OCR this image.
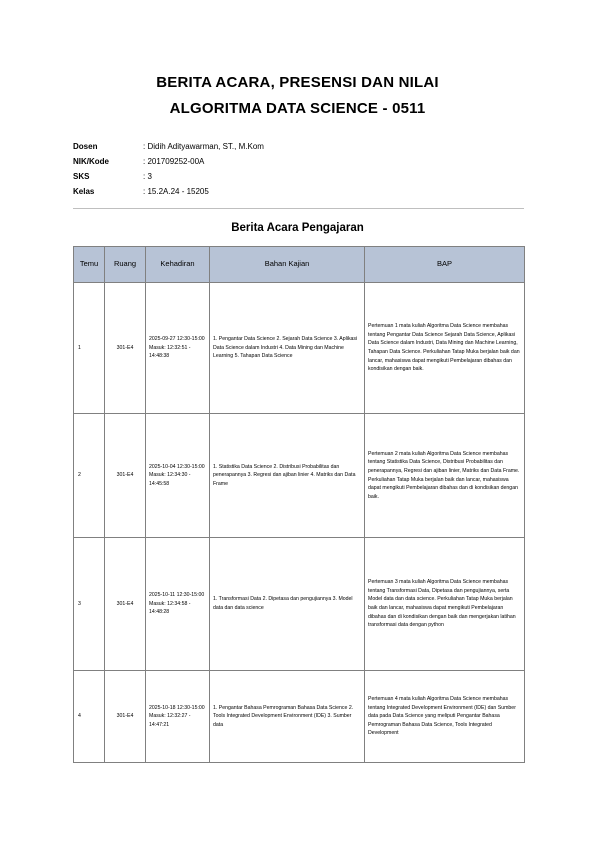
BERITA ACARA, PRESENSI DAN NILAI
ALGORITMA DATA SCIENCE - 0511
Dosen	: Didih Adityawarman, ST., M.Kom
NIK/Kode	: 201709252-00A
SKS	: 3
Kelas	: 15.2A.24 - 15205
Berita Acara Pengajaran
Temu	Ruang	Kehadiran	Bahan Kajian	BAP
1	301-E4	2025-09-27 12:30-15:00 Masuk: 12:32:51 - 14:48:38	1. Pengantar Data Science 2. Sejarah Data Science 3. Aplikasi Data Science dalam Industri 4. Data Mining dan Machine Learning 5. Tahapan Data Science	Pertemuan 1 mata kuliah Algoritma Data Science membahas tentang Pengantar Data Science Sejarah Data Science, Aplikasi Data Science dalam Industri, Data Mining dan Machine Learning, Tahapan Data Science. Perkuliahan Tatap Muka berjalan baik dan lancar, mahasiswa dapat mengikuti Pembelajaran dibahas dan kondisikan dengan baik.
2	301-E4	2025-10-04 12:30-15:00 Masuk: 12:34:30 - 14:45:58	1. Statistika Data Science 2. Distribusi Probabilitas dan penerapannya 3. Regresi dan ajiban linier 4. Matriks dan Data Frame	Pertemuan 2 mata kuliah Algoritma Data Science membahas tentang Statistika Data Science, Distribusi Probabilitas dan penerapannya, Regresi dan ajiban linier, Matriks dan Data Frame. Perkuliahan Tatap Muka berjalan baik dan lancar, mahasiswa dapat mengikuti Pembelajaran dibahas dan di kondisikan dengan baik.
3	301-E4	2025-10-11 12:30-15:00 Masuk: 12:34:58 - 14:48:28	1. Transformasi Data 2. Dipetasa dan pengujiannya 3. Model data dan data science	Pertemuan 3 mata kuliah Algoritma Data Science membahas tentang Transformasi Data, Dipetasa dan pengujiannya, serta Model data dan data science. Perkuliahan Tatap Muka berjalan baik dan lancar, mahasiswa dapat mengikuti Pembelajaran dibahas dan di kondisikan dengan baik dan mengerjakan latihan transformasi data dengan python
4	301-E4	2025-10-18 12:30-15:00 Masuk: 12:32:27 - 14:47:21	1. Pengantar Bahasa Pemrograman Bahasa Data Science 2. Tools Integrated Development Environment (IDE) 3. Sumber data	Pertemuan 4 mata kuliah Algoritma Data Science membahas tentang Integrated Development Environment (IDE) dan Sumber data pada Data Science yang meliputi Pengantar Bahasa Pemrograman Bahasa Data Science, Tools Integrated Development
